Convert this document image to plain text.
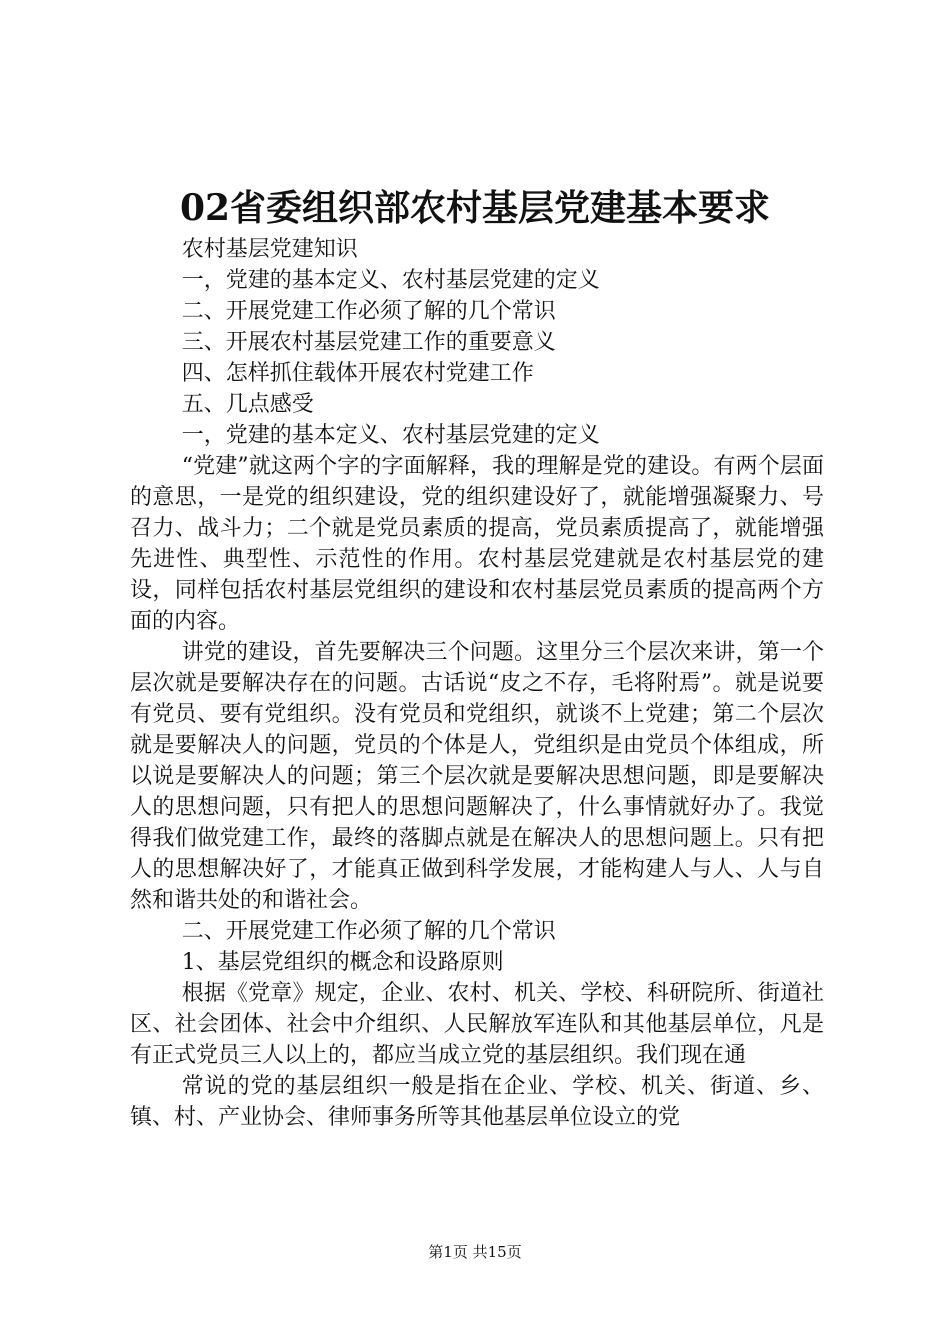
02省委组织部农村基层党建基本要求

农村基层党建知识

一，党建的基本定义、农村基层党建的定义

二、开展党建工作必须了解的几个常识

三、开展农村基层党建工作的重要意义

四、怎样抓住载体开展农村党建工作

五、几点感受

一，党建的基本定义、农村基层党建的定义

“党建”就这两个字的字面解释，我的理解是党的建设。有两个层面的意思，一是党的组织建设，党的组织建设好了，就能增强凝聚力、号召力、战斗力；二个就是党员素质的提高，党员素质提高了，就能增强先进性、典型性、示范性的作用。农村基层党建就是农村基层党的建设，同样包括农村基层党组织的建设和农村基层党员素质的提高两个方面的内容。

讲党的建设，首先要解决三个问题。这里分三个层次来讲，第一个层次就是要解决存在的问题。古话说“皮之不存，毛将附焉”。就是说要有党员、要有党组织。没有党员和党组织，就谈不上党建；第二个层次就是要解决人的问题，党员的个体是人，党组织是由党员个体组成，所以说是要解决人的问题；第三个层次就是要解决思想问题，即是要解决人的思想问题，只有把人的思想问题解决了，什么事情就好办了。我觉得我们做党建工作，最终的落脚点就是在解决人的思想问题上。只有把人的思想解决好了，才能真正做到科学发展，才能构建人与人、人与自然和谐共处的和谐社会。

二、开展党建工作必须了解的几个常识

1、基层党组织的概念和设路原则

根据《党章》规定，企业、农村、机关、学校、科研院所、街道社区、社会团体、社会中介组织、人民解放军连队和其他基层单位，凡是有正式党员三人以上的，都应当成立党的基层组织。我们现在通

常说的党的基层组织一般是指在企业、学校、机关、街道、乡、镇、村、产业协会、律师事务所等其他基层单位设立的党

第1页 共15页
